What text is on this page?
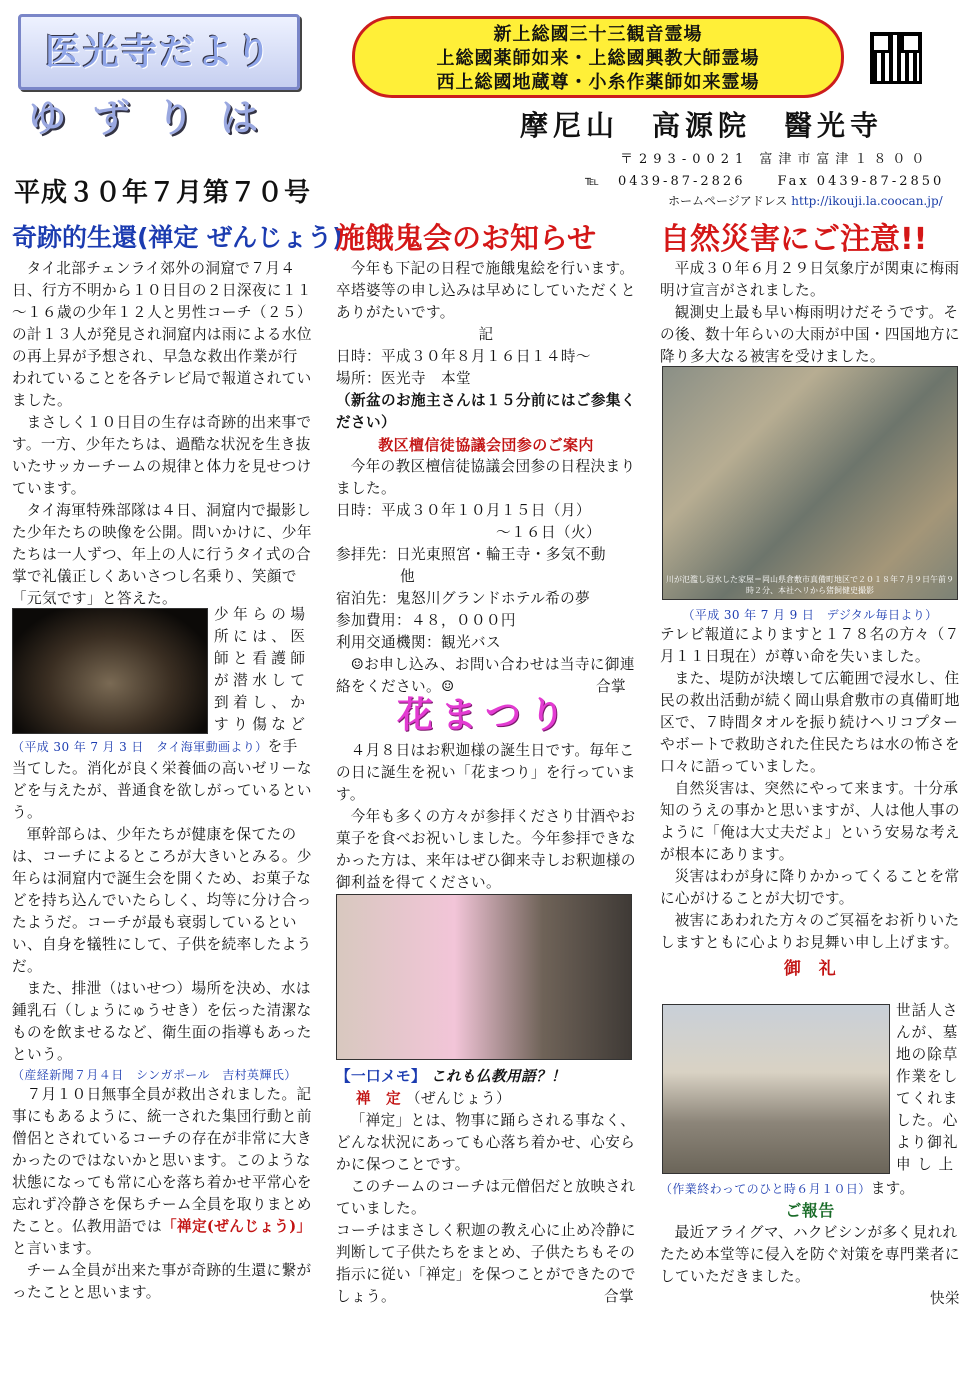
医光寺だより
ゆずりは
新上総國三十三観音霊場
上総國薬師如来・上総國興教大師霊場
西上総國地蔵尊・小糸作薬師如来霊場
摩尼山　高源院　醫光寺
〒293-0021 富津市富津１８００
℡　0439-87-2826　　Fax 0439-87-2850
ホームページアドレス http://ikouji.la.coocan.jp/
平成３０年７月第７０号
奇跡的生還(禅定 ぜんじょう)

タイ北部チェンライ郊外の洞窟で７月４日、行方不明から１０日目の２日深夜に１１～１６歳の少年１２人と男性コーチ（２５）の計１３人が発見され洞窟内は雨による水位の再上昇が予想され、早急な救出作業が行われていることを各テレビ局で報道されていました。

まさしく１０日目の生存は奇跡的出来事です。一方、少年たちは、過酷な状況を生き抜いたサッカーチームの規律と体力を見せつけています。

タイ海軍特殊部隊は４日、洞窟内で撮影した少年たちの映像を公開。問いかけに、少年たちは一人ずつ、年上の人に行うタイ式の合掌で礼儀正しくあいさつし名乗り、笑顔で「元気です」と答えた。

少年らの場
所には、医
師と看護師
が潜水して
到着し、か
すり傷など

（平成 30 年 7 月 3 日　タイ海軍動画より）を手当てした。消化が良く栄養価の高いゼリーなどを与えたが、普通食を欲しがっているという。

軍幹部らは、少年たちが健康を保てたのは、コーチによるところが大きいとみる。少年らは洞窟内で誕生会を開くため、お菓子などを持ち込んでいたらしく、均等に分け合ったようだ。コーチが最も衰弱しているといい、自身を犠牲にして、子供を続率したようだ。

また、排泄（はいせつ）場所を決め、水は鍾乳石（しょうにゅうせき）を伝った清潔なものを飲ませるなど、衛生面の指導もあったという。

（産経新聞７月４日　シンガポール　吉村英輝氏）

７月１０日無事全員が救出されました。記事にもあるように、統一された集団行動と前僧侶とされているコーチの存在が非常に大きかったのではないかと思います。このような状態になっても常に心を落ち着かせ平常心を忘れず冷静さを保ちチーム全員を取りまとめたこと。仏教用語では「禅定(ぜんじょう)」と言います。

チーム全員が出来た事が奇跡的生還に繋がったことと思います。

施餓鬼会のお知らせ

今年も下記の日程で施餓鬼絵を行います。卒塔婆等の申し込みは早めにしていただくとありがたいです。

記

日時：平成３０年８月１６日１４時～

場所：医光寺　本堂

（新盆のお施主さんは１５分前にはご参集ください）

教区檀信徒協議会団参のご案内

今年の教区檀信徒協議会団参の日程決まりました。

日時：平成３０年１０月１５日（月）

～１６日（火）

参拝先：日光東照宮・輪王寺・多気不動

他

宿泊先：鬼怒川グランドホテル希の夢

参加費用：４８，０００円

利用交通機関：観光バス

☺お申し込み、お問い合わせは当寺に御連絡をください。☺	合掌

花まつり

４月８日はお釈迦様の誕生日です。毎年この日に誕生を祝い「花まつり」を行っています。

今年も多くの方々が参拝くださり甘酒やお菓子を食べお祝いしました。今年参拝できなかった方は、来年はぜひ御来寺しお釈迦様の御利益を得てください。

【一口メモ】 これも仏教用語？！

禅　定 （ぜんじょう）

「禅定」とは、物事に踊らされる事なく、どんな状況にあっても心落ち着かせ、心安らかに保つことです。

このチームのコーチは元僧侶だと放映されていました。

コーチはまさしく釈迦の教え心に止め冷静に判断して子供たちをまとめ、子供たちもその指示に従い「禅定」を保つことができたのでしょう。	合掌

自然災害にご注意!!

平成３０年６月２９日気象庁が関東に梅雨明け宣言がされました。

観測史上最も早い梅雨明けだそうです。その後、数十年らいの大雨が中国・四国地方に降り多大なる被害を受けました。

川が氾濫し冠水した家屋＝岡山県倉敷市真備町地区で２０１８年７月９日午前９時２分、本社ヘリから猪飼健史撮影

（平成 30 年 7 月 9 日　デジタル毎日より）

テレビ報道によりますと１７８名の方々（７月１１日現在）が尊い命を失いました。

また、堤防が決壊して広範囲で浸水し、住民の救出活動が続く岡山県倉敷市の真備町地区で、７時間タオルを振り続けヘリコプターやボートで救助された住民たちは水の怖さを口々に語っていました。

自然災害は、突然にやって来ます。十分承知のうえの事かと思いますが、人は他人事のように「俺は大丈夫だよ」という安易な考えが根本にあります。

災害はわが身に降りかかってくることを常に心がけることが大切です。

被害にあわれた方々のご冥福をお祈りいたしますともに心よりお見舞い申し上げます。

御　礼

世話人さ
んが、墓
地の除草
作業をし
てくれま
した。心
より御礼
申 し 上

（作業終わってのひと時６月１０日）ます。

ご報告

最近アライグマ、ハクビシンが多く見れれたため本堂等に侵入を防ぐ対策を専門業者にしていただきました。

快栄
